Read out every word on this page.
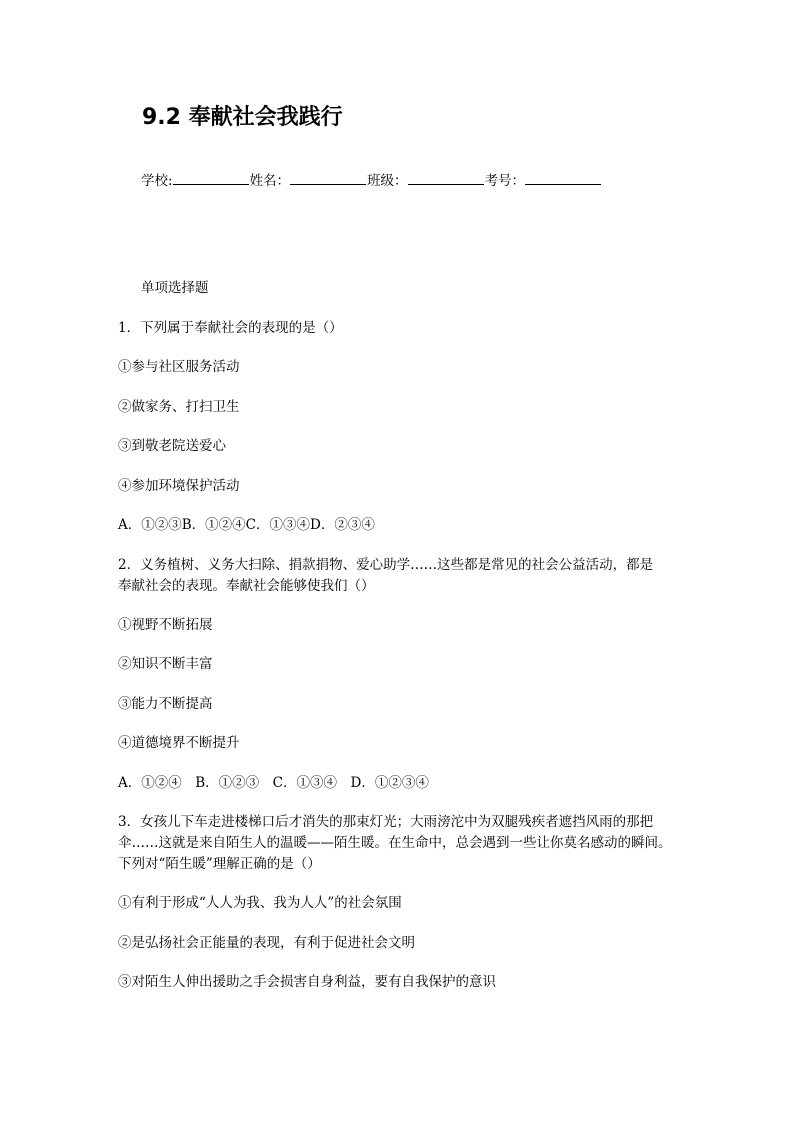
9.2 奉献社会我践行
学校:	姓名：	班级：	考号：
单项选择题
1．下列属于奉献社会的表现的是（）
①参与社区服务活动
②做家务、打扫卫生
③到敬老院送爱心
④参加环境保护活动
A．①②③B．①②④C．①③④D．②③④
2．义务植树、义务大扫除、捐款捐物、爱心助学……这些都是常见的社会公益活动，都是
奉献社会的表现。奉献社会能够使我们（）
①视野不断拓展
②知识不断丰富
③能力不断提高
④道德境界不断提升
A．①②④　B．①②③　C．①③④　D．①②③④
3．女孩儿下车走进楼梯口后才消失的那束灯光；大雨滂沱中为双腿残疾者遮挡风雨的那把
伞……这就是来自陌生人的温暖——陌生暖。在生命中，总会遇到一些让你莫名感动的瞬间。
下列对“陌生暖”理解正确的是（）
①有利于形成“人人为我、我为人人”的社会氛围
②是弘扬社会正能量的表现，有利于促进社会文明
③对陌生人伸出援助之手会损害自身利益，要有自我保护的意识
